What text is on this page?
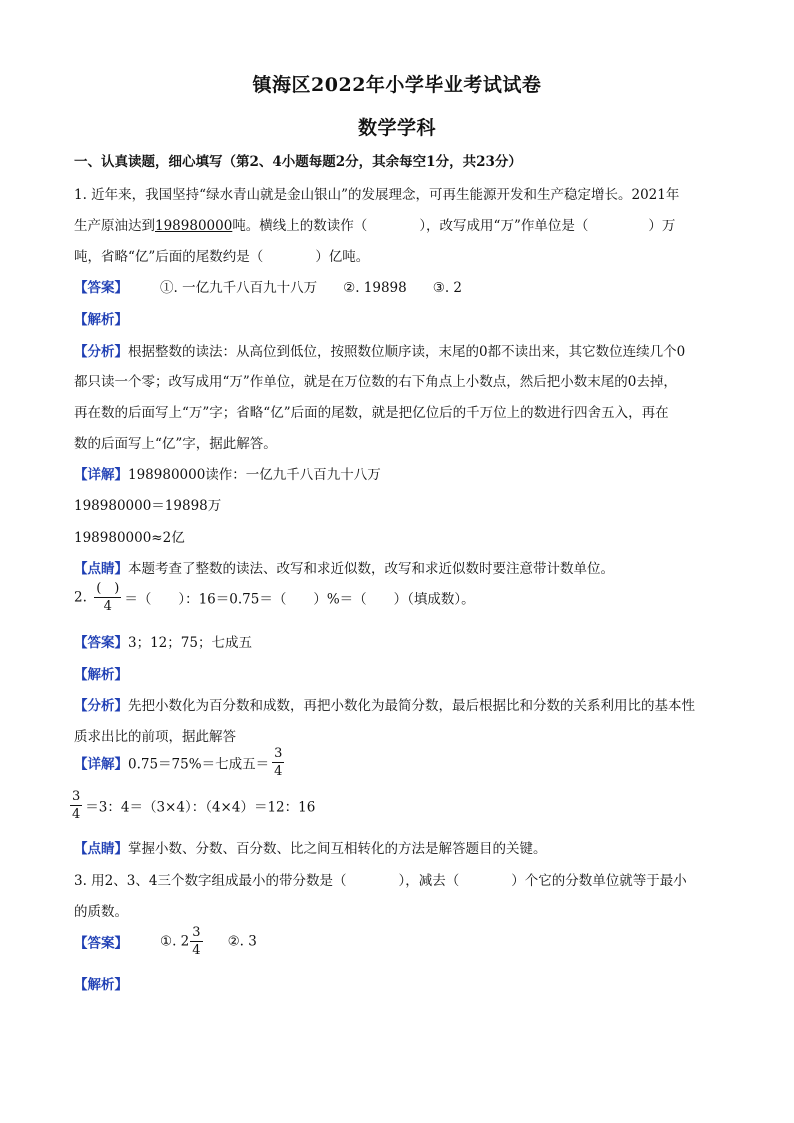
镇海区2022年小学毕业考试试卷
数学学科
一、认真读题，细心填写（第2、4小题每题2分，其余每空1分，共23分）
1. 近年来，我国坚持“绿水青山就是金山银山”的发展理念，可再生能源开发和生产稳定增长。2021年
生产原油达到198980000吨。横线上的数读作（	），改写成用“万”作单位是（	）万
吨，省略“亿”后面的尾数约是（	）亿吨。
【答案】 ①. 一亿九千八百九十八万 ②. 19898 ③. 2
【解析】
【分析】根据整数的读法：从高位到低位，按照数位顺序读，末尾的0都不读出来，其它数位连续几个0
都只读一个零；改写成用“万”作单位，就是在万位数的右下角点上小数点，然后把小数末尾的0去掉，
再在数的后面写上“万”字；省略“亿”后面的尾数，就是把亿位后的千万位上的数进行四舍五入，再在
数的后面写上“亿”字，据此解答。
【详解】198980000读作：一亿九千八百九十八万
198980000＝19898万
198980000≈2亿
【点睛】本题考查了整数的读法、改写和求近似数，改写和求近似数时要注意带计数单位。
2. $\frac{( )}{4}$ ＝（　　）：16＝0.75＝（　　）%＝（　　）（填成数）。
【答案】3；12；75；七成五
【解析】
【分析】先把小数化为百分数和成数，再把小数化为最简分数，最后根据比和分数的关系利用比的基本性
质求出比的前项，据此解答
【详解】0.75＝75%＝七成五＝ $\frac{3}{4}$
$\frac{3}{4} =3$：4＝（3×4）：（4×4）＝12：16
【点睛】掌握小数、分数、百分数、比之间互相转化的方法是解答题目的关键。
3. 用2、3、4三个数字组成最小的带分数是（	），减去（	）个它的分数单位就等于最小
的质数。
【答案】 ①. $2 \frac{3}{4}$ ②. 3
【解析】
